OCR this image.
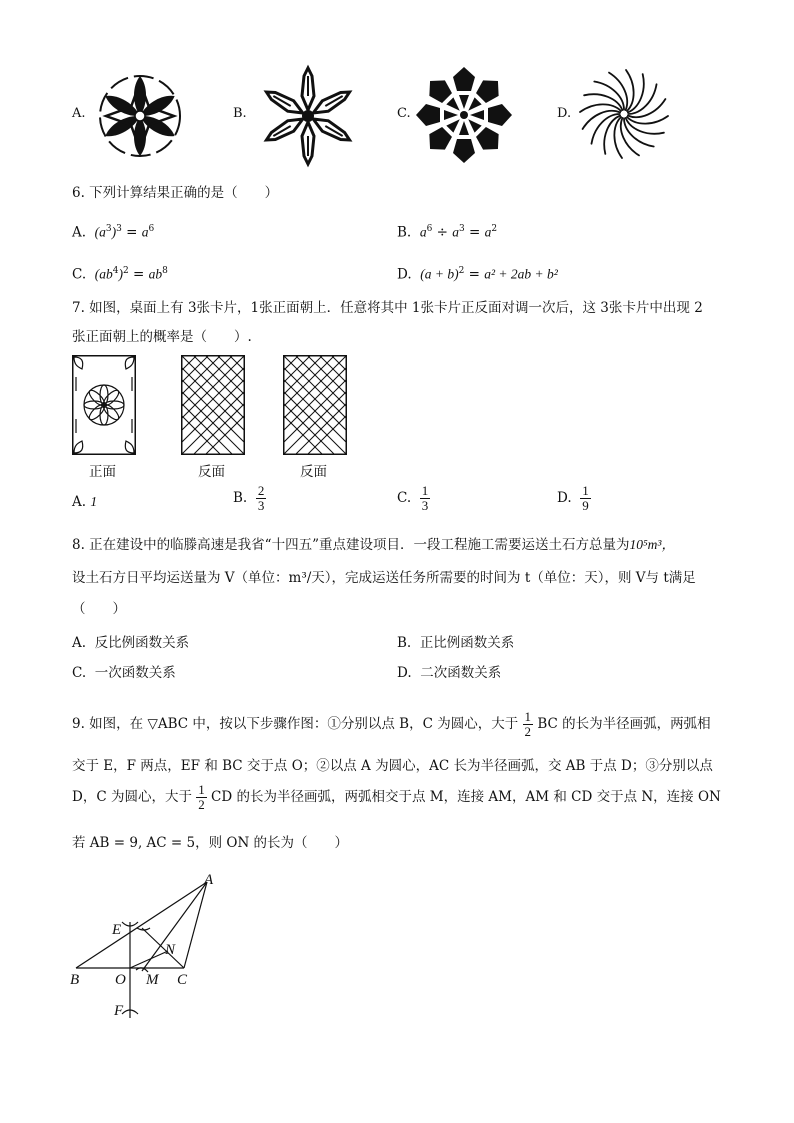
A.	B.	C.	D.
6. 下列计算结果正确的是（　　）
A. $(a^3)^3 = a^6$	B. $a^6 \div a^3 = a^2$
C. $(ab^4)^2 = ab^8$	D. $(a + b)^2 = a^2 + 2ab + b^2$
7. 如图，桌面上有 3张卡片，1张正面朝上．任意将其中 1张卡片正反面对调一次后，这 3张卡片中出现 2
张正面朝上的概率是（　　）.
正面	反面	反面
A. 1	B. $\frac{2}{3}$	C. $\frac{1}{3}$	D. $\frac{1}{9}$
8. 正在建设中的临滕高速是我省“十四五”重点建设项目．一段工程施工需要运送土石方总量为10⁵m³，
设土石方日平均运送量为 V（单位：m³/天），完成运送任务所需要的时间为 t（单位：天），则 V与 t满足
（　　）
A. 反比例函数关系	B. 正比例函数关系
C. 一次函数关系	D. 二次函数关系
9. 如图，在 ▽ABC 中，按以下步骤作图：①分别以点 B，C 为圆心，大于 $\frac{1}{2}$ BC 的长为半径画弧，两弧相
交于 E，F 两点，EF 和 BC 交于点 O；②以点 A 为圆心，AC 长为半径画弧，交 AB 于点 D；③分别以点
D，C 为圆心，大于 $\frac{1}{2}$ CD 的长为半径画弧，两弧相交于点 M，连接 AM，AM 和 CD 交于点 N，连接 ON
若 AB = 9, AC = 5，则 ON 的长为（　　）
A
E
N
B O M C
F
